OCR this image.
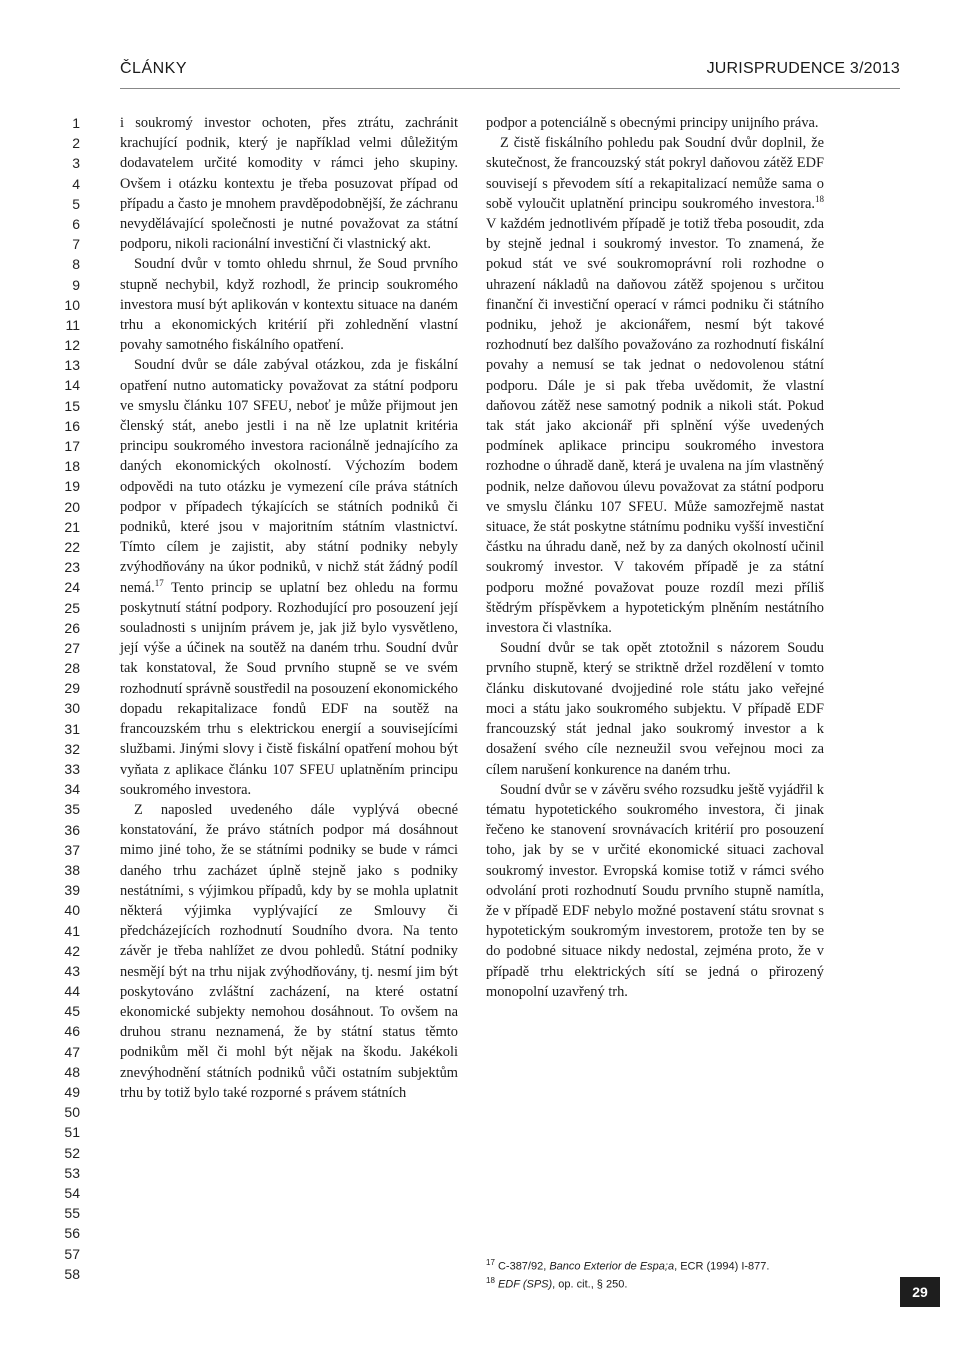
ČLÁNKY	JURISPRUDENCE 3/2013
1
2
3
4
5
6
7
8
9
10
11
12
13
14
15
16
17
18
19
20
21
22
23
24
25
26
27
28
29
30
31
32
33
34
35
36
37
38
39
40
41
42
43
44
45
46
47
48
49
50
51
52
53
54
55
56
57
58

i soukromý investor ochoten, přes ztrátu, zachránit krachující podnik, který je například velmi důležitým dodavatelem určité komodity v rámci jeho skupiny. Ovšem i otázku kontextu je třeba posuzovat případ od případu a často je mnohem pravděpodobnější, že záchranu nevydělávající společnosti je nutné považovat za státní podporu, nikoli racionální investiční či vlastnický akt.

Soudní dvůr v tomto ohledu shrnul, že Soud prvního stupně nechybil, když rozhodl, že princip soukromého investora musí být aplikován v kontextu situace na daném trhu a ekonomických kritérií při zohlednění vlastní povahy samotného fiskálního opatření.

Soudní dvůr se dále zabýval otázkou, zda je fiskální opatření nutno automaticky považovat za státní podporu ve smyslu článku 107 SFEU, neboť je může přijmout jen členský stát, anebo jestli i na ně lze uplatnit kritéria principu soukromého investora racionálně jednajícího za daných ekonomických okolností. Výchozím bodem odpovědi na tuto otázku je vymezení cíle práva státních podpor v případech týkajících se státních podniků či podniků, které jsou v majoritním státním vlastnictví. Tímto cílem je zajistit, aby státní podniky nebyly zvýhodňovány na úkor podniků, v nichž stát žádný podíl nemá.$^{17}$ Tento princip se uplatní bez ohledu na formu poskytnutí státní podpory. Rozhodující pro posouzení její souladnosti s unijním právem je, jak již bylo vysvětleno, její výše a účinek na soutěž na daném trhu. Soudní dvůr tak konstatoval, že Soud prvního stupně se ve svém rozhodnutí správně soustředil na posouzení ekonomického dopadu rekapitalizace fondů EDF na soutěž na francouzském trhu s elektrickou energií a souvisejícími službami. Jinými slovy i čistě fiskální opatření mohou být vyňata z aplikace článku 107 SFEU uplatněním principu soukromého investora.

Z naposled uvedeného dále vyplývá obecné konstatování, že právo státních podpor má dosáhnout mimo jiné toho, že se státními podniky se bude v rámci daného trhu zacházet úplně stejně jako s podniky nestátními, s výjimkou případů, kdy by se mohla uplatnit některá výjimka vyplývající ze Smlouvy či předcházejících rozhodnutí Soudního dvora. Na tento závěr je třeba nahlížet ze dvou pohledů. Státní podniky nesmějí být na trhu nijak zvýhodňovány, tj. nesmí jim být poskytováno zvláštní zacházení, na které ostatní ekonomické subjekty nemohou dosáhnout. To ovšem na druhou stranu neznamená, že by státní status těmto podnikům měl či mohl být nějak na škodu. Jakékoli znevýhodnění státních podniků vůči ostatním subjektům trhu by totiž bylo také rozporné s právem státních

podpor a potenciálně s obecnými principy unijního práva.

Z čistě fiskálního pohledu pak Soudní dvůr doplnil, že skutečnost, že francouzský stát pokryl daňovou zátěž EDF souvisejí s převodem sítí a rekapitalizací nemůže sama o sobě vyloučit uplatnění principu soukromého investora.$^{18}$ V každém jednotlivém případě je totiž třeba posoudit, zda by stejně jednal i soukromý investor. To znamená, že pokud stát ve své soukromoprávní roli rozhodne o uhrazení nákladů na daňovou zátěž spojenou s určitou finanční či investiční operací v rámci podniku či státního podniku, jehož je akcionářem, nesmí být takové rozhodnutí bez dalšího považováno za rozhodnutí fiskální povahy a nemusí se tak jednat o nedovolenou státní podporu. Dále je si pak třeba uvědomit, že vlastní daňovou zátěž nese samotný podnik a nikoli stát. Pokud tak stát jako akcionář při splnění výše uvedených podmínek aplikace principu soukromého investora rozhodne o úhradě daně, která je uvalena na jím vlastněný podnik, nelze daňovou úlevu považovat za státní podporu ve smyslu článku 107 SFEU. Může samozřejmě nastat situace, že stát poskytne státnímu podniku vyšší investiční částku na úhradu daně, než by za daných okolností učinil soukromý investor. V takovém případě je za státní podporu možné považovat pouze rozdíl mezi příliš štědrým příspěvkem a hypotetickým plněním nestátního investora či vlastníka.

Soudní dvůr se tak opět ztotožnil s názorem Soudu prvního stupně, který se striktně držel rozdělení v tomto článku diskutované dvojjediné role státu jako veřejné moci a státu jako soukromého subjektu. V případě EDF francouzský stát jednal jako soukromý investor a k dosažení svého cíle nezneužil svou veřejnou moci za cílem narušení konkurence na daném trhu.

Soudní dvůr se v závěru svého rozsudku ještě vyjádřil k tématu hypotetického soukromého investora, či jinak řečeno ke stanovení srovnávacích kritérií pro posouzení toho, jak by se v určité ekonomické situaci zachoval soukromý investor. Evropská komise totiž v rámci svého odvolání proti rozhodnutí Soudu prvního stupně namítla, že v případě EDF nebylo možné postavení státu srovnat s hypotetickým soukromým investorem, protože ten by se do podobné situace nikdy nedostal, zejména proto, že v případě trhu elektrických sítí se jedná o přirozený monopolní uzavřený trh.

$^{17}$ C-387/92, Banco Exterior de Espa;a, ECR (1994) I-877.
$^{18}$ EDF (SPS), op. cit., § 250.	29
